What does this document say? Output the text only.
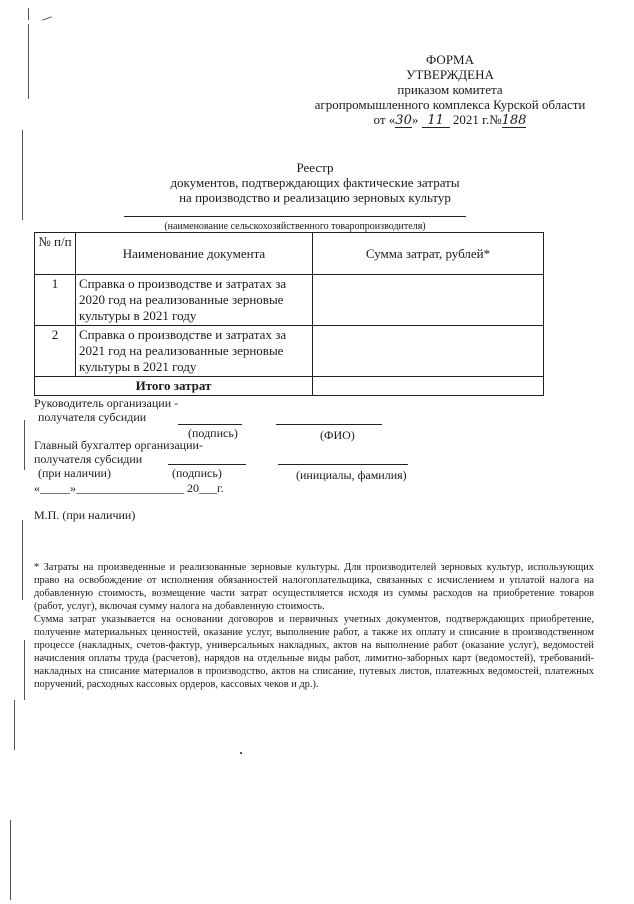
ФОРМА
УТВЕРЖДЕНА
приказом комитета
агропромышленного комплекса Курской области
от «30» 11 2021 г.№188
Реестр
документов, подтверждающих фактические затраты
на производство и реализацию зерновых культур
(наименование сельскохозяйственного товаропроизводителя)
№ п/п	Наименование документа	Сумма затрат, рублей*
1	Справка о производстве и затратах за 2020 год на реализованные зерновые культуры в 2021 году	
2	Справка о производстве и затратах за 2021 год на реализованные зерновые культуры в 2021 году	
Итого затрат		
Руководитель организации -
получателя субсидии
(подпись)	(ФИО)
Главный бухгалтер организации-
получателя субсидии
(при наличии)	(подпись)	(инициалы, фамилия)
«_____»__________________ 20___г.
М.П. (при наличии)

* Затраты на произведенные и реализованные зерновые культуры. Для производителей зерновых культур, использующих право на освобождение от исполнения обязанностей налогоплательщика, связанных с исчислением и уплатой налога на добавленную стоимость, возмещение части затрат осуществляется исходя из суммы расходов на приобретение товаров (работ, услуг), включая сумму налога на добавленную стоимость.

Сумма затрат указывается на основании договоров и первичных учетных документов, подтверждающих приобретение, получение материальных ценностей, оказание услуг, выполнение работ, а также их оплату и списание в производственном процессе (накладных, счетов-фактур, универсальных накладных, актов на выполнение работ (оказание услуг), ведомостей начисления оплаты труда (расчетов), нарядов на отдельные виды работ, лимитно-заборных карт (ведомостей), требований-накладных на списание материалов в производство, актов на списание, путевых листов, платежных ведомостей, платежных поручений, расходных кассовых ордеров, кассовых чеков и др.).
